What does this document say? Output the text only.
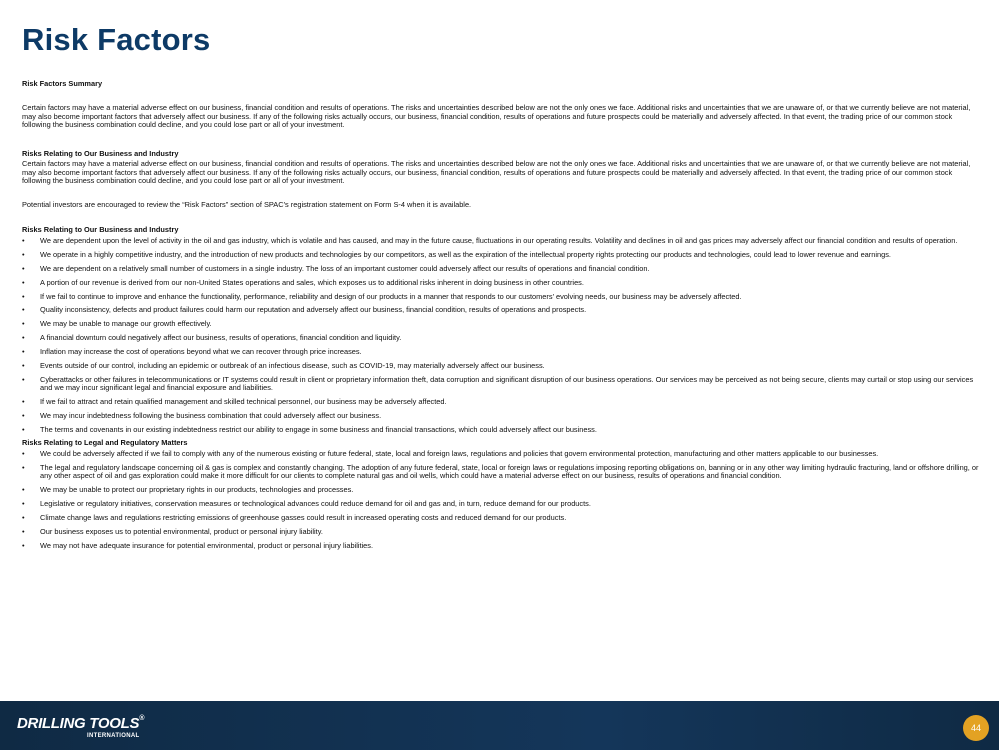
Risk Factors

Risk Factors Summary

Certain factors may have a material adverse effect on our business, financial condition and results of operations. The risks and uncertainties described below are not the only ones we face. Additional risks and uncertainties that we are unaware of, or that we currently believe are not material, may also become important factors that adversely affect our business. If any of the following risks actually occurs, our business, financial condition, results of operations and future prospects could be materially and adversely affected. In that event, the trading price of our common stock following the business combination could decline, and you could lose part or all of your investment.

Risks Relating to Our Business and Industry

Certain factors may have a material adverse effect on our business, financial condition and results of operations. The risks and uncertainties described below are not the only ones we face. Additional risks and uncertainties that we are unaware of, or that we currently believe are not material, may also become important factors that adversely affect our business. If any of the following risks actually occurs, our business, financial condition, results of operations and future prospects could be materially and adversely affected. In that event, the trading price of our common stock following the business combination could decline, and you could lose part or all of your investment.

Potential investors are encouraged to review the “Risk Factors” section of SPAC’s registration statement on Form S-4 when it is available.

Risks Relating to Our Business and Industry

• We are dependent upon the level of activity in the oil and gas industry, which is volatile and has caused, and may in the future cause, fluctuations in our operating results. Volatility and declines in oil and gas prices may adversely affect our financial condition and results of operation.
• We operate in a highly competitive industry, and the introduction of new products and technologies by our competitors, as well as the expiration of the intellectual property rights protecting our products and technologies, could lead to lower revenue and earnings.
• We are dependent on a relatively small number of customers in a single industry. The loss of an important customer could adversely affect our results of operations and financial condition.
• A portion of our revenue is derived from our non-United States operations and sales, which exposes us to additional risks inherent in doing business in other countries.
• If we fail to continue to improve and enhance the functionality, performance, reliability and design of our products in a manner that responds to our customers’ evolving needs, our business may be adversely affected.
• Quality inconsistency, defects and product failures could harm our reputation and adversely affect our business, financial condition, results of operations and prospects.
• We may be unable to manage our growth effectively.
• A financial downturn could negatively affect our business, results of operations, financial condition and liquidity.
• Inflation may increase the cost of operations beyond what we can recover through price increases.
• Events outside of our control, including an epidemic or outbreak of an infectious disease, such as COVID-19, may materially adversely affect our business.
• Cyberattacks or other failures in telecommunications or IT systems could result in client or proprietary information theft, data corruption and significant disruption of our business operations. Our services may be perceived as not being secure, clients may curtail or stop using our services and we may incur significant legal and financial exposure and liabilities.
• If we fail to attract and retain qualified management and skilled technical personnel, our business may be adversely affected.
• We may incur indebtedness following the business combination that could adversely affect our business.
• The terms and covenants in our existing indebtedness restrict our ability to engage in some business and financial transactions, which could adversely affect our business.

Risks Relating to Legal and Regulatory Matters

• We could be adversely affected if we fail to comply with any of the numerous existing or future federal, state, local and foreign laws, regulations and policies that govern environmental protection, manufacturing and other matters applicable to our businesses.
• The legal and regulatory landscape concerning oil & gas is complex and constantly changing. The adoption of any future federal, state, local or foreign laws or regulations imposing reporting obligations on, banning or in any other way limiting hydraulic fracturing, land or offshore drilling, or any other aspect of oil and gas exploration could make it more difficult for our clients to complete natural gas and oil wells, which could have a material adverse effect on our business, results of operations and financial condition.
• We may be unable to protect our proprietary rights in our products, technologies and processes.
• Legislative or regulatory initiatives, conservation measures or technological advances could reduce demand for oil and gas and, in turn, reduce demand for our products.
• Climate change laws and regulations restricting emissions of greenhouse gasses could result in increased operating costs and reduced demand for our products.
• Our business exposes us to potential environmental, product or personal injury liability.
• We may not have adequate insurance for potential environmental, product or personal injury liabilities.
DRILLING TOOLS®
INTERNATIONAL
44
